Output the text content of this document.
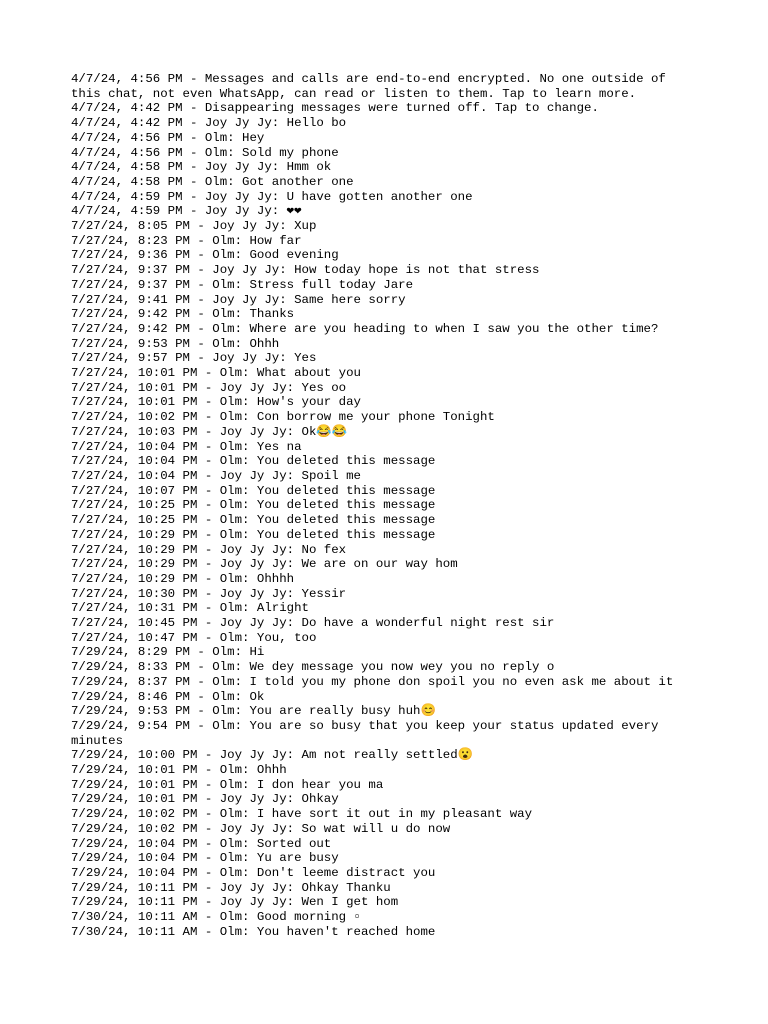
4/7/24, 4:56 PM - Messages and calls are end-to-end encrypted. No one outside of this chat, not even WhatsApp, can read or listen to them. Tap to learn more.
4/7/24, 4:42 PM - Disappearing messages were turned off. Tap to change.
4/7/24, 4:42 PM - Joy Jy Jy: Hello bo
4/7/24, 4:56 PM - Olm: Hey
4/7/24, 4:56 PM - Olm: Sold my phone
4/7/24, 4:58 PM - Joy Jy Jy: Hmm ok
4/7/24, 4:58 PM - Olm: Got another one
4/7/24, 4:59 PM - Joy Jy Jy: U have gotten another one
4/7/24, 4:59 PM - Joy Jy Jy: ❤❤
7/27/24, 8:05 PM - Joy Jy Jy: Xup
7/27/24, 8:23 PM - Olm: How far
7/27/24, 9:36 PM - Olm: Good evening
7/27/24, 9:37 PM - Joy Jy Jy: How today hope is not that stress
7/27/24, 9:37 PM - Olm: Stress full today Jare
7/27/24, 9:41 PM - Joy Jy Jy: Same here sorry
7/27/24, 9:42 PM - Olm: Thanks
7/27/24, 9:42 PM - Olm: Where are you heading to when I saw you the other time?
7/27/24, 9:53 PM - Olm: Ohhh
7/27/24, 9:57 PM - Joy Jy Jy: Yes
7/27/24, 10:01 PM - Olm: What about you
7/27/24, 10:01 PM - Joy Jy Jy: Yes oo
7/27/24, 10:01 PM - Olm: How's your day
7/27/24, 10:02 PM - Olm: Con borrow me your phone Tonight
7/27/24, 10:03 PM - Joy Jy Jy: Ok😂😂
7/27/24, 10:04 PM - Olm: Yes na
7/27/24, 10:04 PM - Olm: You deleted this message
7/27/24, 10:04 PM - Joy Jy Jy: Spoil me
7/27/24, 10:07 PM - Olm: You deleted this message
7/27/24, 10:25 PM - Olm: You deleted this message
7/27/24, 10:25 PM - Olm: You deleted this message
7/27/24, 10:29 PM - Olm: You deleted this message
7/27/24, 10:29 PM - Joy Jy Jy: No fex
7/27/24, 10:29 PM - Joy Jy Jy: We are on our way hom
7/27/24, 10:29 PM - Olm: Ohhhh
7/27/24, 10:30 PM - Joy Jy Jy: Yessir
7/27/24, 10:31 PM - Olm: Alright
7/27/24, 10:45 PM - Joy Jy Jy: Do have a wonderful night rest sir
7/27/24, 10:47 PM - Olm: You, too
7/29/24, 8:29 PM - Olm: Hi
7/29/24, 8:33 PM - Olm: We dey message you now wey you no reply o
7/29/24, 8:37 PM - Olm: I told you my phone don spoil you no even ask me about it
7/29/24, 8:46 PM - Olm: Ok
7/29/24, 9:53 PM - Olm: You are really busy huh😊
7/29/24, 9:54 PM - Olm: You are so busy that you keep your status updated every minutes
7/29/24, 10:00 PM - Joy Jy Jy: Am not really settled😮
7/29/24, 10:01 PM - Olm: Ohhh
7/29/24, 10:01 PM - Olm: I don hear you ma
7/29/24, 10:01 PM - Joy Jy Jy: Ohkay
7/29/24, 10:02 PM - Olm: I have sort it out in my pleasant way
7/29/24, 10:02 PM - Joy Jy Jy: So wat will u do now
7/29/24, 10:04 PM - Olm: Sorted out
7/29/24, 10:04 PM - Olm: Yu are busy
7/29/24, 10:04 PM - Olm: Don't leeme distract you
7/29/24, 10:11 PM - Joy Jy Jy: Ohkay Thanku
7/29/24, 10:11 PM - Joy Jy Jy: Wen I get hom
7/30/24, 10:11 AM - Olm: Good morning ▫
7/30/24, 10:11 AM - Olm: You haven't reached home
